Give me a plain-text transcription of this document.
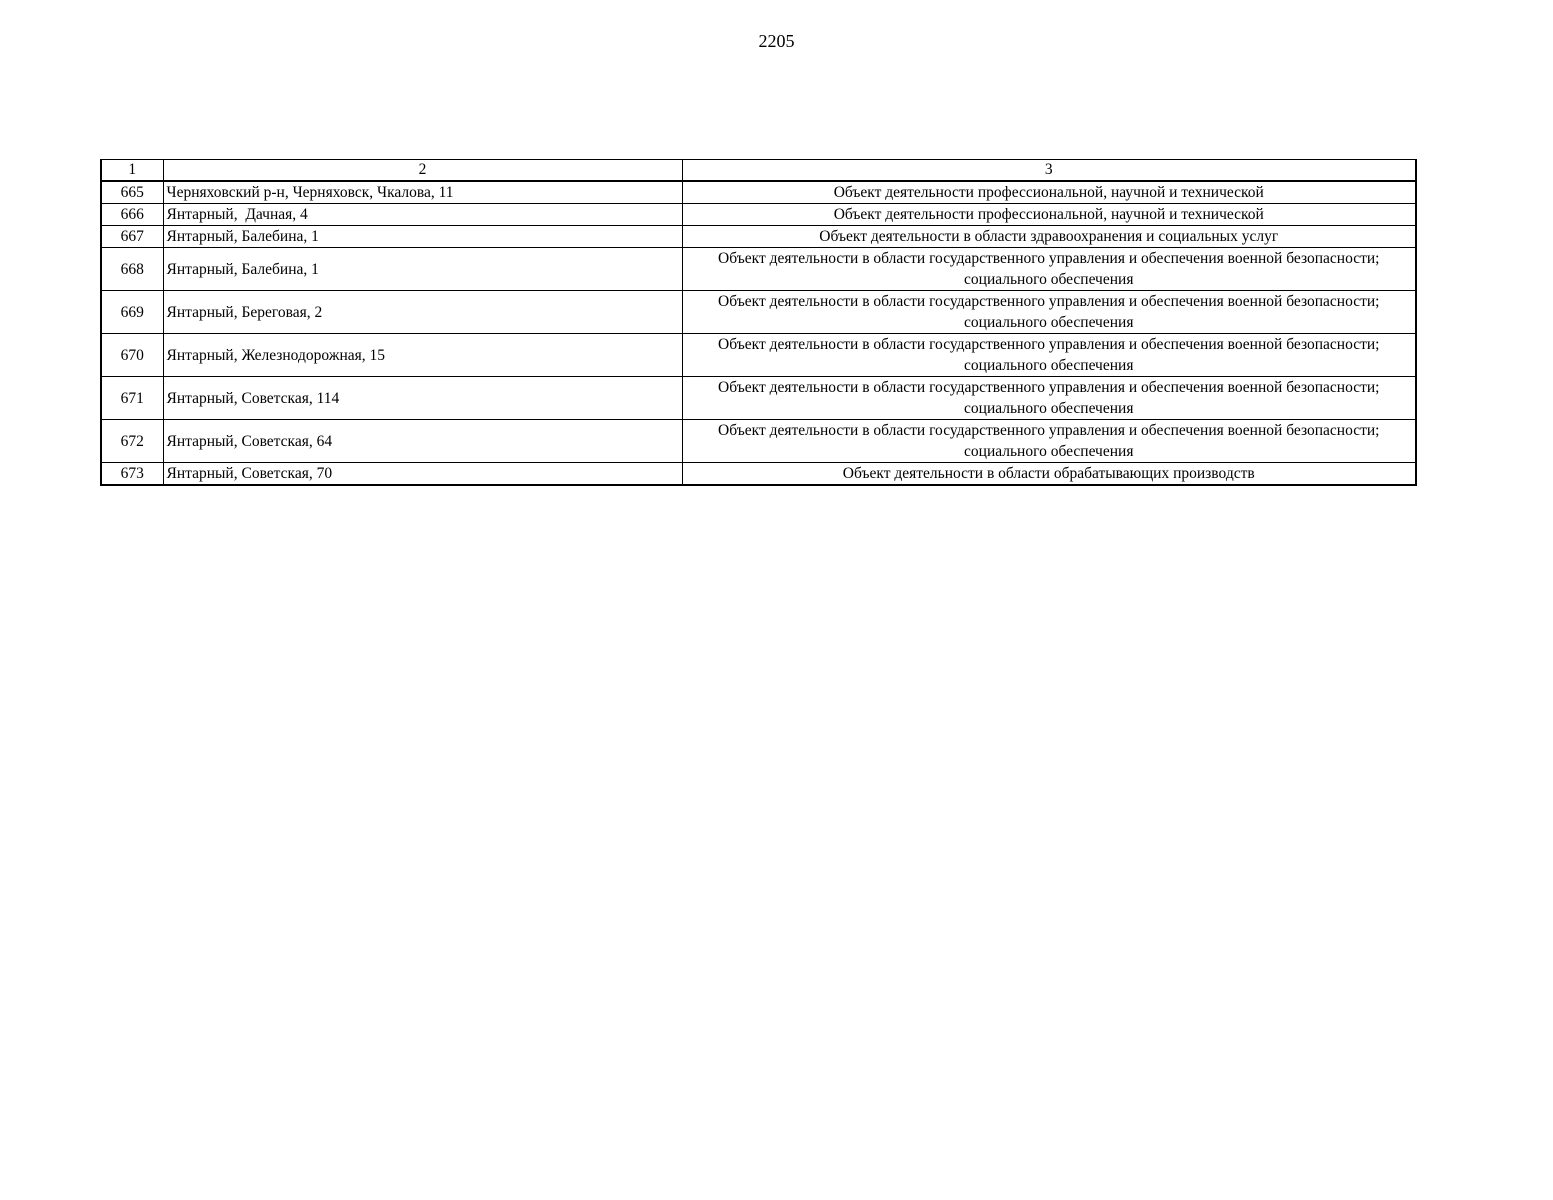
2205
1	2	3
665	Черняховский р-н, Черняховск, Чкалова, 11	Объект деятельности профессиональной, научной и технической
666	Янтарный,  Дачная, 4	Объект деятельности профессиональной, научной и технической
667	Янтарный, Балебина, 1	Объект деятельности в области здравоохранения и социальных услуг
668	Янтарный, Балебина, 1	Объект деятельности в области государственного управления и обеспечения военной безопасности; социального обеспечения
669	Янтарный, Береговая, 2	Объект деятельности в области государственного управления и обеспечения военной безопасности; социального обеспечения
670	Янтарный, Железнодорожная, 15	Объект деятельности в области государственного управления и обеспечения военной безопасности; социального обеспечения
671	Янтарный, Советская, 114	Объект деятельности в области государственного управления и обеспечения военной безопасности; социального обеспечения
672	Янтарный, Советская, 64	Объект деятельности в области государственного управления и обеспечения военной безопасности; социального обеспечения
673	Янтарный, Советская, 70	Объект деятельности в области обрабатывающих производств
